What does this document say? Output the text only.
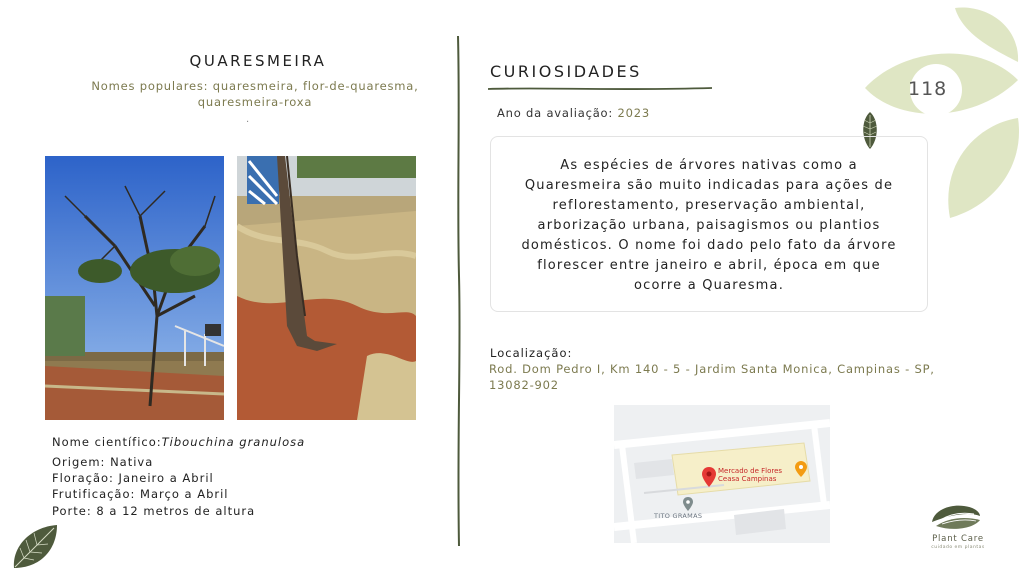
118
QUARESMEIRA
Nomes populares: quaresmeira, flor-de-quaresma,
quaresmeira-roxa
.
Nome científico:Tibouchina granulosa
Origem: Nativa
Floração: Janeiro a Abril
Frutificação: Março a Abril
Porte: 8 a 12 metros de altura
CURIOSIDADES
Ano da avaliação: 2023
As espécies de árvores nativas como a
Quaresmeira são muito indicadas para ações de
reflorestamento, preservação ambiental,
arborização urbana, paisagismos ou plantios
domésticos. O nome foi dado pelo fato da árvore
florescer entre janeiro e abril, época em que
ocorre a Quaresma.
Localização:
Rod. Dom Pedro I, Km 140 - 5 - Jardim Santa Monica, Campinas - SP,
13082-902
Mercado de Flores
Ceasa Campinas
TITO GRAMAS
Plant Care
cuidado em plantas
